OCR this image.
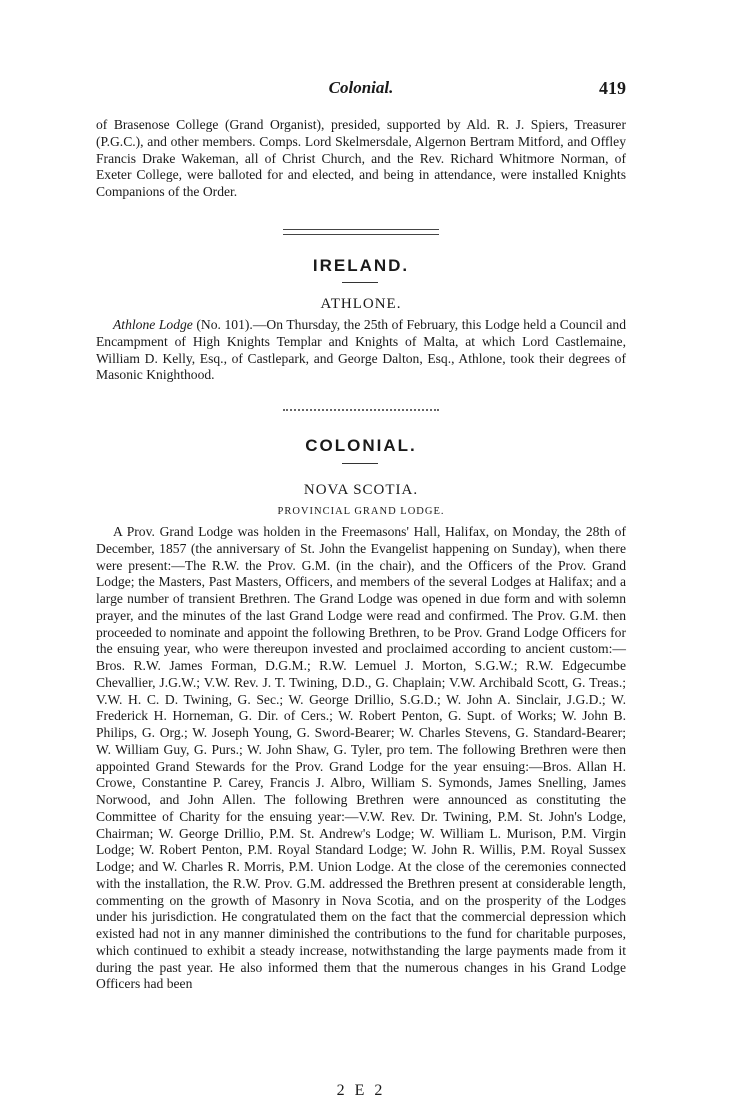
Colonial.	419

of Brasenose College (Grand Organist), presided, supported by Ald. R. J. Spiers, Treasurer (P.G.C.), and other members. Comps. Lord Skelmersdale, Algernon Bertram Mitford, and Offley Francis Drake Wakeman, all of Christ Church, and the Rev. Richard Whitmore Norman, of Exeter College, were balloted for and elected, and being in attendance, were installed Knights Companions of the Order.

IRELAND.
ATHLONE.

Athlone Lodge (No. 101).—On Thursday, the 25th of February, this Lodge held a Council and Encampment of High Knights Templar and Knights of Malta, at which Lord Castlemaine, William D. Kelly, Esq., of Castlepark, and George Dalton, Esq., Athlone, took their degrees of Masonic Knighthood.

COLONIAL.
NOVA SCOTIA.
PROVINCIAL GRAND LODGE.

A Prov. Grand Lodge was holden in the Freemasons' Hall, Halifax, on Monday, the 28th of December, 1857 (the anniversary of St. John the Evangelist happening on Sunday), when there were present:—The R.W. the Prov. G.M. (in the chair), and the Officers of the Prov. Grand Lodge; the Masters, Past Masters, Officers, and members of the several Lodges at Halifax; and a large number of transient Brethren. The Grand Lodge was opened in due form and with solemn prayer, and the minutes of the last Grand Lodge were read and confirmed. The Prov. G.M. then proceeded to nominate and appoint the following Brethren, to be Prov. Grand Lodge Officers for the ensuing year, who were thereupon invested and proclaimed according to ancient custom:—Bros. R.W. James Forman, D.G.M.; R.W. Lemuel J. Morton, S.G.W.; R.W. Edgecumbe Chevallier, J.G.W.; V.W. Rev. J. T. Twining, D.D., G. Chaplain; V.W. Archibald Scott, G. Treas.; V.W. H. C. D. Twining, G. Sec.; W. George Drillio, S.G.D.; W. John A. Sinclair, J.G.D.; W. Frederick H. Horneman, G. Dir. of Cers.; W. Robert Penton, G. Supt. of Works; W. John B. Philips, G. Org.; W. Joseph Young, G. Sword-Bearer; W. Charles Stevens, G. Standard-Bearer; W. William Guy, G. Purs.; W. John Shaw, G. Tyler, pro tem. The following Brethren were then appointed Grand Stewards for the Prov. Grand Lodge for the year ensuing:—Bros. Allan H. Crowe, Constantine P. Carey, Francis J. Albro, William S. Symonds, James Snelling, James Norwood, and John Allen. The following Brethren were announced as constituting the Committee of Charity for the ensuing year:—V.W. Rev. Dr. Twining, P.M. St. John's Lodge, Chairman; W. George Drillio, P.M. St. Andrew's Lodge; W. William L. Murison, P.M. Virgin Lodge; W. Robert Penton, P.M. Royal Standard Lodge; W. John R. Willis, P.M. Royal Sussex Lodge; and W. Charles R. Morris, P.M. Union Lodge. At the close of the ceremonies connected with the installation, the R.W. Prov. G.M. addressed the Brethren present at considerable length, commenting on the growth of Masonry in Nova Scotia, and on the prosperity of the Lodges under his jurisdiction. He congratulated them on the fact that the commercial depression which existed had not in any manner diminished the contributions to the fund for charitable purposes, which continued to exhibit a steady increase, notwithstanding the large payments made from it during the past year. He also informed them that the numerous changes in his Grand Lodge Officers had been

2 E 2
